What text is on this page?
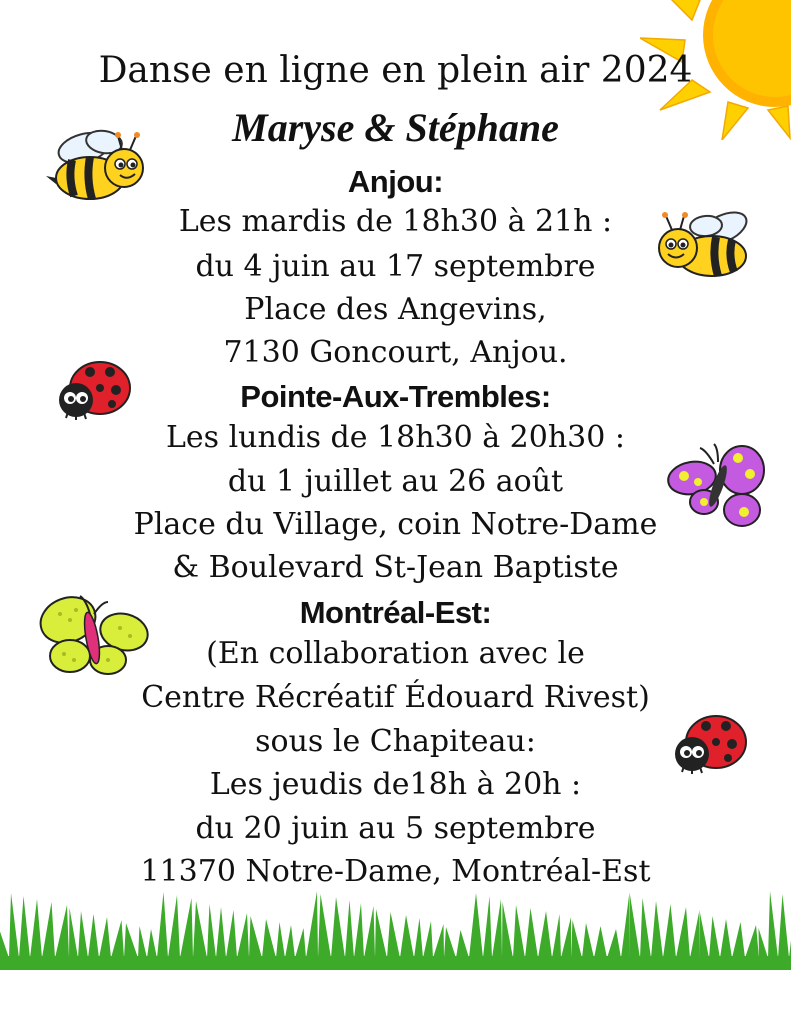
Danse en ligne en plein air 2024
Maryse & Stéphane
Anjou:
Les mardis de 18h30 à 21h :
du 4 juin au 17 septembre
Place des Angevins,
7130 Goncourt, Anjou.
Pointe-Aux-Trembles:
Les lundis de 18h30 à 20h30 :
du 1 juillet au 26 août
Place du Village, coin Notre-Dame
& Boulevard St-Jean Baptiste
Montréal-Est:
(En collaboration avec le
Centre Récréatif Édouard Rivest)
sous le Chapiteau:
Les jeudis de18h à 20h :
du 20 juin au 5 septembre
11370 Notre-Dame, Montréal-Est
